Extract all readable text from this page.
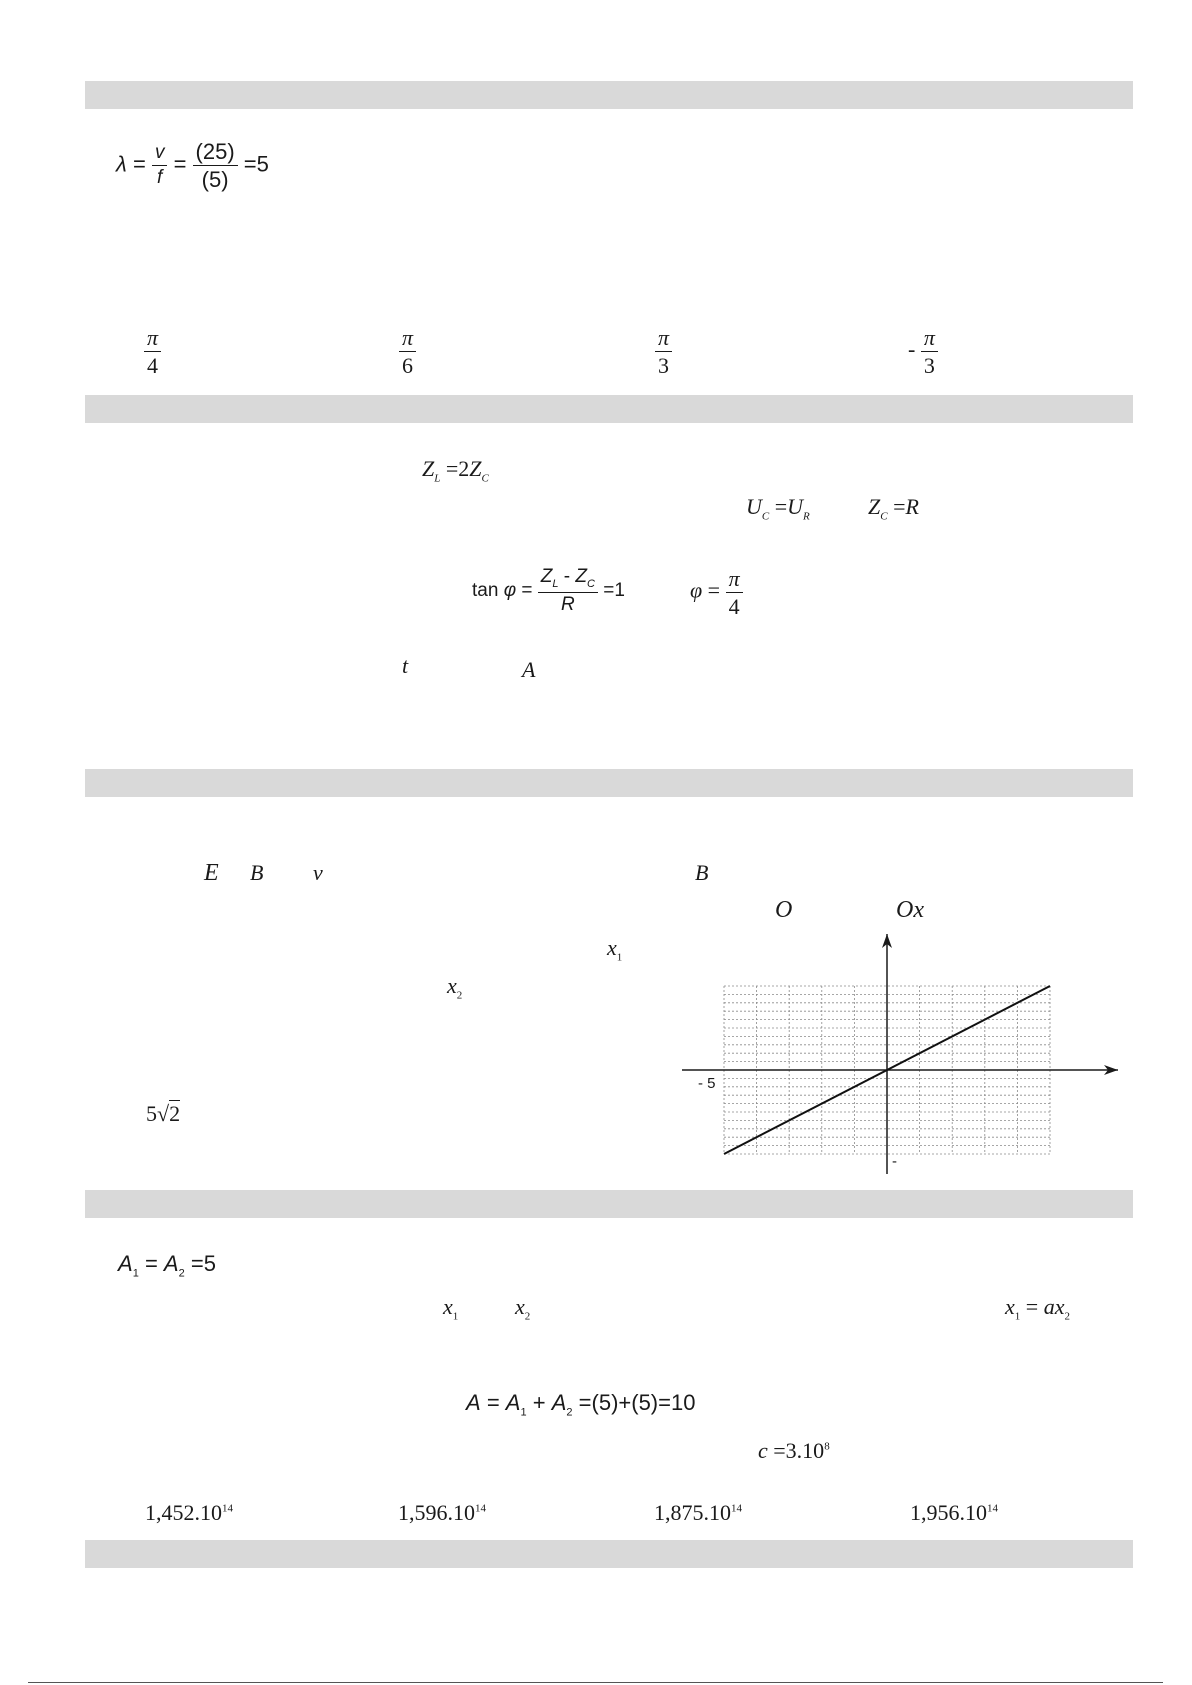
$\lambda = \frac{v}{f} = \frac{(25)}{(5)} =5$
$\frac{\pi}{4}$	$\frac{\pi}{6}$	$\frac{\pi}{3}$	- $\frac{\pi}{3}$
$Z_L =2Z_C$
$U_C =U_R$	$Z_C =R$
$\tan \varphi = \frac{Z_L - Z_C}{R} =1$	$\varphi = \frac{\pi}{4}$
t	A
E B v	B
O	Ox
$x_1$
$x_2$
5√2
- 5
-
$A_1 = A_2 =5$
$x_1$	$x_2$	$x_1 = ax_2$
$A = A_1 + A_2 =(5)+(5)=10$
$c =3.10^8$
1,452.10$^{14}$	1,596.10$^{14}$	1,875.10$^{14}$	1,956.10$^{14}$
